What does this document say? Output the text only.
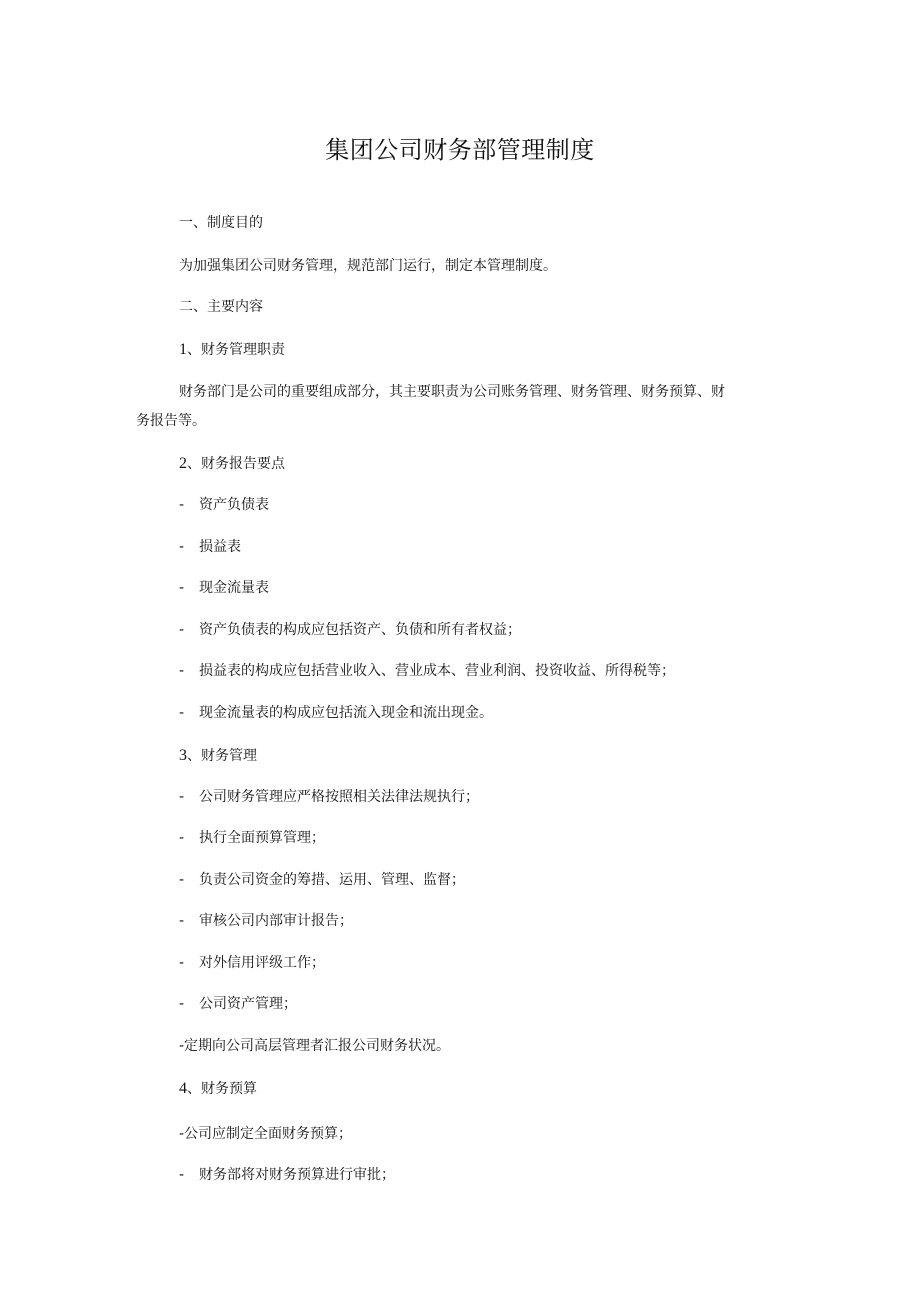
集团公司财务部管理制度
一、制度目的
为加强集团公司财务管理，规范部门运行，制定本管理制度。
二、主要内容
1、财务管理职责
财务部门是公司的重要组成部分，其主要职责为公司账务管理、财务管理、财务预算、财
务报告等。
2、财务报告要点
- 资产负债表
- 损益表
- 现金流量表
- 资产负债表的构成应包括资产、负债和所有者权益；
- 损益表的构成应包括营业收入、营业成本、营业利润、投资收益、所得税等；
- 现金流量表的构成应包括流入现金和流出现金。
3、财务管理
- 公司财务管理应严格按照相关法律法规执行；
- 执行全面预算管理；
- 负责公司资金的筹措、运用、管理、监督；
- 审核公司内部审计报告；
- 对外信用评级工作；
- 公司资产管理；
-定期向公司高层管理者汇报公司财务状况。
4、财务预算
-公司应制定全面财务预算；
- 财务部将对财务预算进行审批；
